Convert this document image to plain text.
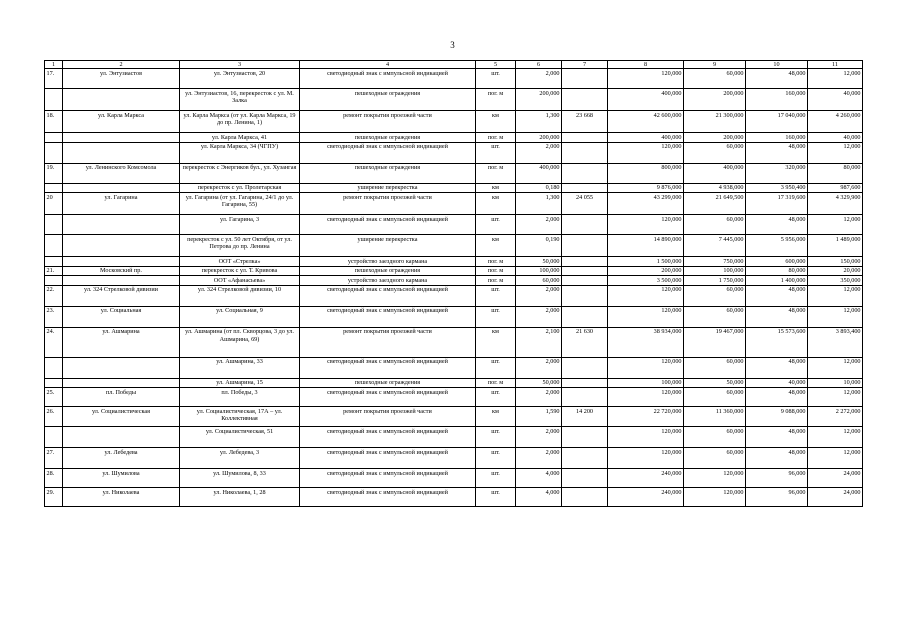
3
1	2	3	4	5	6	7	8	9	10	11
17.	ул. Энтузиастов	ул. Энтузиастов, 20	светодиодный знак с импульсной индикацией	шт.	2,000		120,000	60,000	48,000	12,000
		ул. Энтузиастов, 16, перекресток с ул. М. Залка	пешеходные ограждения	пог. м	200,000		400,000	200,000	160,000	40,000
18.	ул. Карла Маркса	ул. Карла Маркса (от ул. Карла Маркса, 19 до пр. Ленина, 1)	ремонт покрытия проезжей части	км	1,300	23 668	42 600,000	21 300,000	17 040,000	4 260,000
		ул. Карла Маркса, 41	пешеходные ограждения	пог. м	200,000		400,000	200,000	160,000	40,000
		ул. Карла Маркса, 34 (ЧГПУ)	светодиодный знак с импульсной индикацией	шт.	2,000		120,000	60,000	48,000	12,000
19.	ул. Ленинского Комсомола	перекресток с Энергиков бул., ул. Хузангая	пешеходные ограждения	пог. м	400,000		800,000	400,000	320,000	80,000
		перекресток с ул. Пролетарская	уширение перекрестка	км	0,180		9 876,000	4 938,000	3 950,400	987,600
20	ул. Гагарина	ул. Гагарина (от ул. Гагарина, 24/1 до ул. Гагарина, 55)	ремонт покрытия проезжей части	км	1,300	24 055	43 299,000	21 649,500	17 319,600	4 329,900
		ул. Гагарина, 3	светодиодный знак с импульсной индикацией	шт.	2,000		120,000	60,000	48,000	12,000
		перекресток с ул. 50 лет Октября, от ул. Петрова до пр. Ленина	уширение перекрестка	км	0,190		14 890,000	7 445,000	5 956,000	1 489,000
		ООТ «Стрелка»	устройство заездного кармана	пог. м	50,000		1 500,000	750,000	600,000	150,000
21.	Московский пр.	перекресток с ул. Т. Кривова	пешеходные ограждения	пог. м	100,000		200,000	100,000	80,000	20,000
		ООТ «Афанасьева»	устройство заездного кармана	пог. м	60,000		3 500,000	1 750,000	1 400,000	350,000
22.	ул. 324 Стрелковой дивизии	ул. 324 Стрелковой дивизии, 10	светодиодный знак с импульсной индикацией	шт.	2,000		120,000	60,000	48,000	12,000
23.	ул. Социальная	ул. Социальная, 9	светодиодный знак с импульсной индикацией	шт.	2,000		120,000	60,000	48,000	12,000
24.	ул. Ашмарина	ул. Ашмарина (от пл. Скворцова, 3 до ул. Ашмарина, 69)	ремонт покрытия проезжей части	км	2,100	21 630	38 934,000	19 467,000	15 573,600	3 893,400
		ул. Ашмарина, 33	светодиодный знак с импульсной индикацией	шт.	2,000		120,000	60,000	48,000	12,000
		ул. Ашмарина, 15	пешеходные ограждения	пог. м	50,000		100,000	50,000	40,000	10,000
25.	пл. Победы	пл. Победы, 3	светодиодный знак с импульсной индикацией	шт.	2,000		120,000	60,000	48,000	12,000
26.	ул. Социалистическая	ул. Социалистическая, 17А – ул. Коллективная	ремонт покрытия проезжей части	км	1,590	14 200	22 720,000	11 360,000	9 088,000	2 272,000
		ул. Социалистическая, 51	светодиодный знак с импульсной индикацией	шт.	2,000		120,000	60,000	48,000	12,000
27.	ул. Лебедева	ул. Лебедева, 3	светодиодный знак с импульсной индикацией	шт.	2,000		120,000	60,000	48,000	12,000
28.	ул. Шумилова	ул. Шумилова, 8, 33	светодиодный знак с импульсной индикацией	шт.	4,000		240,000	120,000	96,000	24,000
29.	ул. Николаева	ул. Николаева, 1, 28	светодиодный знак с импульсной индикацией	шт.	4,000		240,000	120,000	96,000	24,000
